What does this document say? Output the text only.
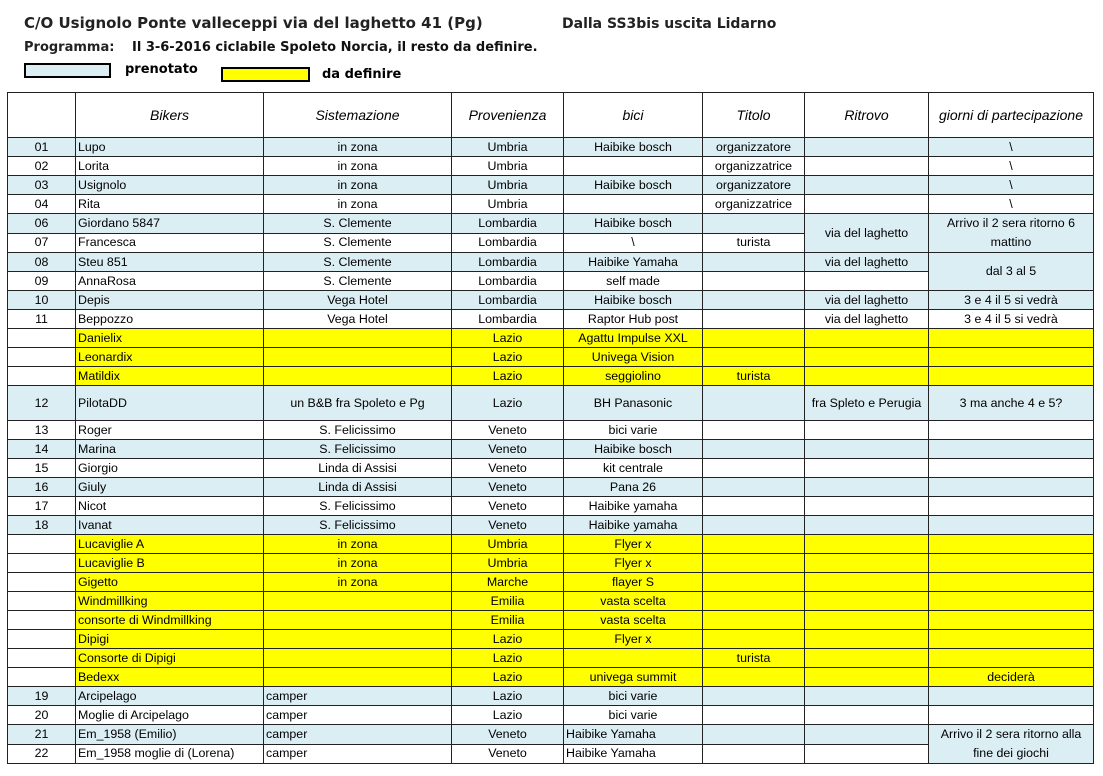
C/O Usignolo Ponte valleceppi via del laghetto 41 (Pg)	Dalla SS3bis uscita Lidarno
Programma: Il 3-6-2016 ciclabile Spoleto Norcia, il resto da definire.
prenotato	da definire
	Bikers	Sistemazione	Provenienza	bici	Titolo	Ritrovo	giorni di partecipazione
01	Lupo	in zona	Umbria	Haibike bosch	organizzatore		\
02	Lorita	in zona	Umbria		organizzatrice		\
03	Usignolo	in zona	Umbria	Haibike bosch	organizzatore		\
04	Rita	in zona	Umbria		organizzatrice		\
06	Giordano 5847	S. Clemente	Lombardia	Haibike bosch		via del laghetto	Arrivo il 2 sera ritorno 6 mattino
07	Francesca	S. Clemente	Lombardia	\	turista		
08	Steu 851	S. Clemente	Lombardia	Haibike Yamaha		via del laghetto	dal 3 al 5
09	AnnaRosa	S. Clemente	Lombardia	self made			
10	Depis	Vega Hotel	Lombardia	Haibike bosch		via del laghetto	3 e 4 il 5 si vedrà
11	Beppozzo	Vega Hotel	Lombardia	Raptor Hub post		via del laghetto	3 e 4 il 5 si vedrà
	Danielix		Lazio	Agattu Impulse XXL			
	Leonardix		Lazio	Univega Vision			
	Matildix		Lazio	seggiolino	turista		
12	PilotaDD	un B&B fra Spoleto e Pg	Lazio	BH Panasonic		fra Spleto e Perugia	3 ma anche 4 e 5?
13	Roger	S. Felicissimo	Veneto	bici varie			
14	Marina	S. Felicissimo	Veneto	Haibike bosch			
15	Giorgio	Linda di Assisi	Veneto	kit centrale			
16	Giuly	Linda di Assisi	Veneto	Pana 26			
17	Nicot	S. Felicissimo	Veneto	Haibike yamaha			
18	Ivanat	S. Felicissimo	Veneto	Haibike yamaha			
	Lucaviglie A	in zona	Umbria	Flyer x			
	Lucaviglie B	in zona	Umbria	Flyer x			
	Gigetto	in zona	Marche	flayer S			
	Windmillking		Emilia	vasta scelta			
	consorte di Windmillking		Emilia	vasta scelta			
	Dipigi		Lazio	Flyer x			
	Consorte di Dipigi		Lazio		turista		
	Bedexx		Lazio	univega summit			deciderà
19	Arcipelago	camper	Lazio	bici varie			
20	Moglie di Arcipelago	camper	Lazio	bici varie			
21	Em_1958 (Emilio)	camper	Veneto	Haibike Yamaha			Arrivo il 2 sera ritorno alla fine dei giochi
22	Em_1958 moglie di (Lorena)	camper	Veneto	Haibike Yamaha			
